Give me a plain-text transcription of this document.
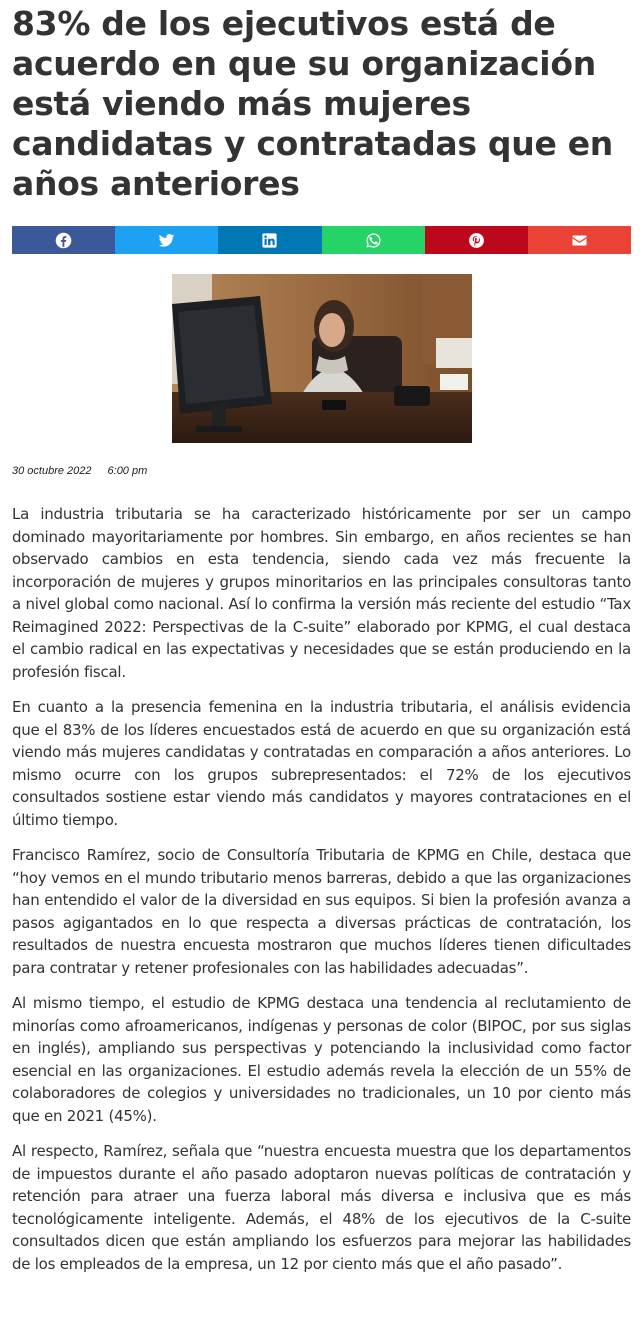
83% de los ejecutivos está de acuerdo en que su organización está viendo más mujeres candidatas y contratadas que en años anteriores
30 octubre 2022 6:00 pm

La industria tributaria se ha caracterizado históricamente por ser un campo dominado mayoritariamente por hombres. Sin embargo, en años recientes se han observado cambios en esta tendencia, siendo cada vez más frecuente la incorporación de mujeres y grupos minoritarios en las principales consultoras tanto a nivel global como nacional. Así lo confirma la versión más reciente del estudio “Tax Reimagined 2022: Perspectivas de la C-suite” elaborado por KPMG, el cual destaca el cambio radical en las expectativas y necesidades que se están produciendo en la profesión fiscal.

En cuanto a la presencia femenina en la industria tributaria, el análisis evidencia que el 83% de los líderes encuestados está de acuerdo en que su organización está viendo más mujeres candidatas y contratadas en comparación a años anteriores. Lo mismo ocurre con los grupos subrepresentados: el 72% de los ejecutivos consultados sostiene estar viendo más candidatos y mayores contrataciones en el último tiempo.

Francisco Ramírez, socio de Consultoría Tributaria de KPMG en Chile, destaca que “hoy vemos en el mundo tributario menos barreras, debido a que las organizaciones han entendido el valor de la diversidad en sus equipos. Si bien la profesión avanza a pasos agigantados en lo que respecta a diversas prácticas de contratación, los resultados de nuestra encuesta mostraron que muchos líderes tienen dificultades para contratar y retener profesionales con las habilidades adecuadas”.

Al mismo tiempo, el estudio de KPMG destaca una tendencia al reclutamiento de minorías como afroamericanos, indígenas y personas de color (BIPOC, por sus siglas en inglés), ampliando sus perspectivas y potenciando la inclusividad como factor esencial en las organizaciones. El estudio además revela la elección de un 55% de colaboradores de colegios y universidades no tradicionales, un 10 por ciento más que en 2021 (45%).

Al respecto, Ramírez, señala que “nuestra encuesta muestra que los departamentos de impuestos durante el año pasado adoptaron nuevas políticas de contratación y retención para atraer una fuerza laboral más diversa e inclusiva que es más tecnológicamente inteligente. Además, el 48% de los ejecutivos de la C-suite consultados dicen que están ampliando los esfuerzos para mejorar las habilidades de los empleados de la empresa, un 12 por ciento más que el año pasado”.
